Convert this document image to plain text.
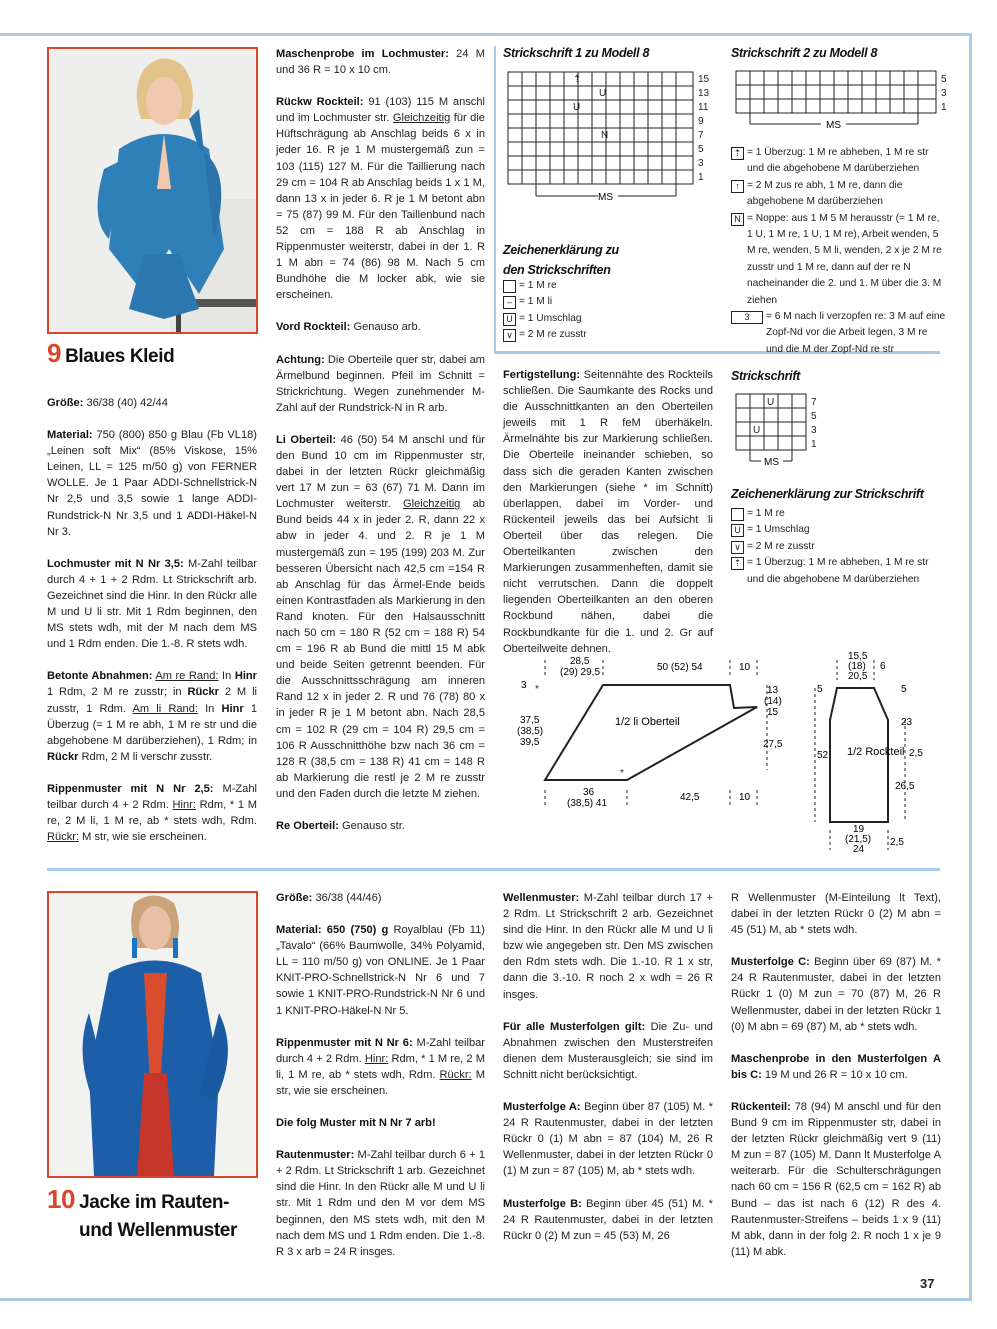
9 Blaues Kleid

Größe: 36/38 (40) 42/44

Material: 750 (800) 850 g Blau (Fb VL18) „Leinen soft Mix“ (85% Viskose, 15% Leinen, LL = 125 m/50 g) von FERNER WOLLE. Je 1 Paar ADDI-Schnellstrick-N Nr 2,5 und 3,5 sowie 1 lange ADDI-Rundstrick-N Nr 3,5 und 1 ADDI-Häkel-N Nr 3.

Lochmuster mit N Nr 3,5: M-Zahl teilbar durch 4 + 1 + 2 Rdm. Lt Strickschrift arb. Gezeichnet sind die Hinr. In den Rückr alle M und U li str. Mit 1 Rdm beginnen, den MS stets wdh, mit der M nach dem MS und 1 Rdm enden. Die 1.-8. R stets wdh.

Betonte Abnahmen: Am re Rand: In Hinr 1 Rdm, 2 M re zusstr; in Rückr 2 M li zusstr, 1 Rdm. Am li Rand: In Hinr 1 Überzug (= 1 M re abh, 1 M re str und die abgehobene M darüberziehen), 1 Rdm; in Rückr Rdm, 2 M li verschr zusstr.

Rippenmuster mit N Nr 2,5: M-Zahl teilbar durch 4 + 2 Rdm. Hinr: Rdm, * 1 M re, 2 M li, 1 M re, ab * stets wdh, Rdm. Rückr: M str, wie sie erscheinen.

Maschenprobe im Lochmuster: 24 M und 36 R = 10 x 10 cm.

Rückw Rockteil: 91 (103) 115 M anschl und im Lochmuster str. Gleichzeitig für die Hüftschrägung ab Anschlag beids 6 x in jeder 16. R je 1 M mustergemäß zun = 103 (115) 127 M. Für die Taillierung nach 29 cm = 104 R ab Anschlag beids 1 x 1 M, dann 13 x in jeder 6. R je 1 M betont abn = 75 (87) 99 M. Für den Taillenbund nach 52 cm = 188 R ab Anschlag in Rippenmuster weiterstr, dabei in der 1. R 1 M abn = 74 (86) 98 M. Nach 5 cm Bundhöhe die M locker abk, wie sie erscheinen.

Vord Rockteil: Genauso arb.

Achtung: Die Oberteile quer str, dabei am Ärmelbund beginnen. Pfeil im Schnitt = Strickrichtung. Wegen zunehmender M-Zahl auf der Rundstrick-N in R arb.

Li Oberteil: 46 (50) 54 M anschl und für den Bund 10 cm im Rippenmuster str, dabei in der letzten Rückr gleichmäßig vert 17 M zun = 63 (67) 71 M. Dann im Lochmuster weiterstr. Gleichzeitig ab Bund beids 44 x in jeder 2. R, dann 22 x abw in jeder 4. und 2. R je 1 M mustergemäß zun = 195 (199) 203 M. Zur besseren Übersicht nach 42,5 cm =154 R ab Anschlag für das Ärmel-Ende beids einen Kontrastfaden als Markierung in den Rand knoten. Für den Halsausschnitt nach 50 cm = 180 R (52 cm = 188 R) 54 cm = 196 R ab Bund die mittl 15 M abk und beide Seiten getrennt beenden. Für die Ausschnittsschrägung am inneren Rand 12 x in jeder 2. R und 76 (78) 80 x in jeder R je 1 M betont abn. Nach 28,5 cm = 102 R (29 cm = 104 R) 29,5 cm = 106 R Ausschnitthöhe bzw nach 36 cm = 128 R (38,5 cm = 138 R) 41 cm = 148 R ab Markierung die restl je 2 M re zusstr und den Faden durch die letzte M ziehen.

Re Oberteil: Genauso str.

Strickschrift 1 zu Modell 8
⇡
U
N
U
MS
15
13
11
9
7
5
3
1
Zeichenerklärung zu den Strickschriften
= 1 M re
– = 1 M li
U = 1 Umschlag
∨ = 2 M re zusstr
Strickschrift 2 zu Modell 8
MS
5
3
1
⇡ = 1 Überzug: 1 M re abheben, 1 M re str und die abgehobene M darüberziehen
↑ = 2 M zus re abh, 1 M re, dann die abgehobene M darüberziehen
N = Noppe: aus 1 M 5 M herausstr (= 1 M re, 1 U, 1 M re, 1 U, 1 M re), Arbeit wenden, 5 M re, wenden, 5 M li, wenden, 2 x je 2 M re zusstr und 1 M re, dann auf der re N nacheinander die 2. und 1. M über die 3. M ziehen
3	= 6 M nach li verzopfen re: 3 M auf eine Zopf-Nd vor die Arbeit legen, 3 M re und die M der Zopf-Nd re str

Fertigstellung: Seitennähte des Rockteils schließen. Die Saumkante des Rocks und die Ausschnittkanten an den Oberteilen jeweils mit 1 R feM überhäkeln. Ärmelnähte bis zur Markierung schließen. Die Oberteile ineinander schieben, so dass sich die geraden Kanten zwischen den Markierungen (siehe * im Schnitt) überlappen, dabei im Vorder- und Rückenteil jeweils das bei Aufsicht li Oberteil über das relegen. Die Oberteilkanten zwischen den Markierungen zusammenheften, damit sie nicht verrutschen. Dann die doppelt liegenden Oberteilkanten an den oberen Rockbund nähen, dabei die Rockbundkante für die 1. und 2. Gr auf Oberteilweite dehnen.

Strickschrift
U
U
MS
7
5
3
1
Zeichenerklärung zur Strickschrift
= 1 M re
U = 1 Umschlag
∨ = 2 M re zusstr
⇡ = 1 Überzug: 1 M re abheben, 1 M re str und die abgehobene M darüberziehen
*
*
1/2 li Oberteil
28,5
(29) 29,5	50 (52) 54	10
3	13
(14)
15
37,5
(38,5)
39,5	27,5
36
(38,5) 41
42,5	10
1/2 Rockteil
15,5
(18)
20,5
6
5	5
23
52	2,5
26,5
19
(21,5)
24
2,5
10 Jacke im Rauten-
und Wellenmuster

Größe: 36/38 (44/46)

Material: 650 (750) g Royalblau (Fb 11) „Tavalo“ (66% Baumwolle, 34% Polyamid, LL = 110 m/50 g) von ONLINE. Je 1 Paar KNIT-PRO-Schnellstrick-N Nr 6 und 7 sowie 1 KNIT-PRO-Rundstrick-N Nr 6 und 1 KNIT-PRO-Häkel-N Nr 5.

Rippenmuster mit N Nr 6: M-Zahl teilbar durch 4 + 2 Rdm. Hinr: Rdm, * 1 M re, 2 M li, 1 M re, ab * stets wdh, Rdm. Rückr: M str, wie sie erscheinen.

Die folg Muster mit N Nr 7 arb!

Rautenmuster: M-Zahl teilbar durch 6 + 1 + 2 Rdm. Lt Strickschrift 1 arb. Gezeichnet sind die Hinr. In den Rückr alle M und U li str. Mit 1 Rdm und den M vor dem MS beginnen, den MS stets wdh, mit den M nach dem MS und 1 Rdm enden. Die 1.-8. R 3 x arb = 24 R insges.

Wellenmuster: M-Zahl teilbar durch 17 + 2 Rdm. Lt Strickschrift 2 arb. Gezeichnet sind die Hinr. In den Rückr alle M und U li bzw wie angegeben str. Den MS zwischen den Rdm stets wdh. Die 1.-10. R 1 x str, dann die 3.-10. R noch 2 x wdh = 26 R insges.

Für alle Musterfolgen gilt: Die Zu- und Abnahmen zwischen den Musterstreifen dienen dem Musterausgleich; sie sind im Schnitt nicht berücksichtigt.

Musterfolge A: Beginn über 87 (105) M. * 24 R Rautenmuster, dabei in der letzten Rückr 0 (1) M abn = 87 (104) M, 26 R Wellenmuster, dabei in der letzten Rückr 0 (1) M zun = 87 (105) M, ab * stets wdh.

Musterfolge B: Beginn über 45 (51) M. * 24 R Rautenmuster, dabei in der letzten Rückr 0 (2) M zun = 45 (53) M, 26

R Wellenmuster (M-Einteilung lt Text), dabei in der letzten Rückr 0 (2) M abn = 45 (51) M, ab * stets wdh.

Musterfolge C: Beginn über 69 (87) M. * 24 R Rautenmuster, dabei in der letzten Rückr 1 (0) M zun = 70 (87) M, 26 R Wellenmuster, dabei in der letzten Rückr 1 (0) M abn = 69 (87) M, ab * stets wdh.

Maschenprobe in den Musterfolgen A bis C: 19 M und 26 R = 10 x 10 cm.

Rückenteil: 78 (94) M anschl und für den Bund 9 cm im Rippenmuster str, dabei in der letzten Rückr gleichmäßig vert 9 (11) M zun = 87 (105) M. Dann lt Musterfolge A weiterarb. Für die Schulterschrägungen nach 60 cm = 156 R (62,5 cm = 162 R) ab Bund – das ist nach 6 (12) R des 4. Rautenmuster-Streifens – beids 1 x 9 (11) M abk, dann in der folg 2. R noch 1 x je 9 (11) M abk.

37
